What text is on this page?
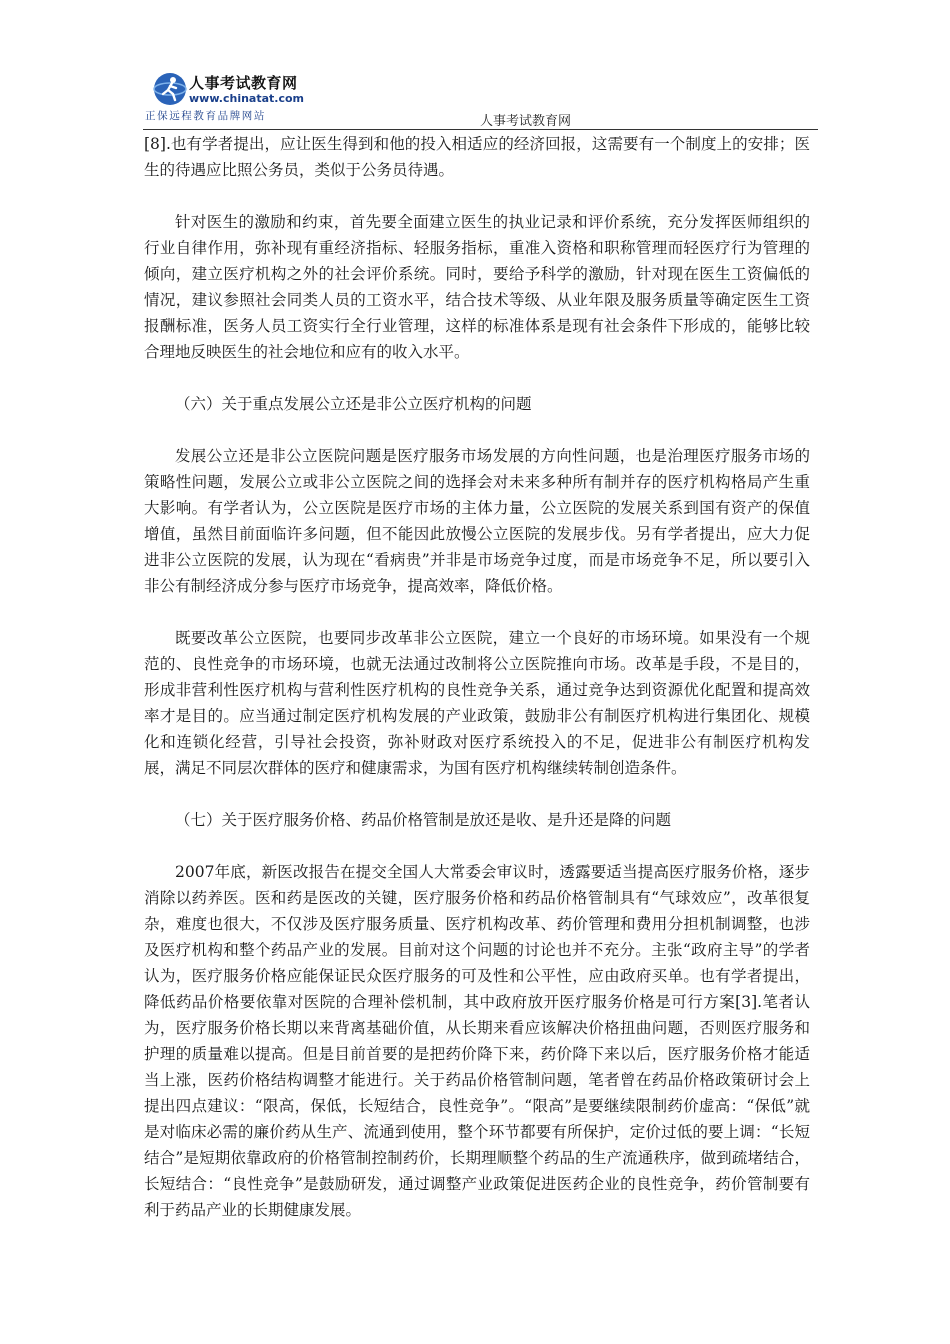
人事考试教育网
www.chinatat.com
正保远程教育品牌网站	人事考试教育网

[8].也有学者提出，应让医生得到和他的投入相适应的经济回报，这需要有一个制度上的安排；医生的待遇应比照公务员，类似于公务员待遇。

针对医生的激励和约束，首先要全面建立医生的执业记录和评价系统，充分发挥医师组织的行业自律作用，弥补现有重经济指标、轻服务指标，重准入资格和职称管理而轻医疗行为管理的倾向，建立医疗机构之外的社会评价系统。同时，要给予科学的激励，针对现在医生工资偏低的情况，建议参照社会同类人员的工资水平，结合技术等级、从业年限及服务质量等确定医生工资报酬标准，医务人员工资实行全行业管理，这样的标准体系是现有社会条件下形成的，能够比较合理地反映医生的社会地位和应有的收入水平。

（六）关于重点发展公立还是非公立医疗机构的问题

发展公立还是非公立医院问题是医疗服务市场发展的方向性问题，也是治理医疗服务市场的策略性问题，发展公立或非公立医院之间的选择会对未来多种所有制并存的医疗机构格局产生重大影响。有学者认为，公立医院是医疗市场的主体力量，公立医院的发展关系到国有资产的保值增值，虽然目前面临许多问题，但不能因此放慢公立医院的发展步伐。另有学者提出，应大力促进非公立医院的发展，认为现在“看病贵”并非是市场竞争过度，而是市场竞争不足，所以要引入非公有制经济成分参与医疗市场竞争，提高效率，降低价格。

既要改革公立医院，也要同步改革非公立医院，建立一个良好的市场环境。如果没有一个规范的、良性竞争的市场环境，也就无法通过改制将公立医院推向市场。改革是手段，不是目的，形成非营利性医疗机构与营利性医疗机构的良性竞争关系，通过竞争达到资源优化配置和提高效率才是目的。应当通过制定医疗机构发展的产业政策，鼓励非公有制医疗机构进行集团化、规模化和连锁化经营，引导社会投资，弥补财政对医疗系统投入的不足，促进非公有制医疗机构发展，满足不同层次群体的医疗和健康需求，为国有医疗机构继续转制创造条件。

（七）关于医疗服务价格、药品价格管制是放还是收、是升还是降的问题

2007年底，新医改报告在提交全国人大常委会审议时，透露要适当提高医疗服务价格，逐步消除以药养医。医和药是医改的关键，医疗服务价格和药品价格管制具有“气球效应”，改革很复杂，难度也很大，不仅涉及医疗服务质量、医疗机构改革、药价管理和费用分担机制调整，也涉及医疗机构和整个药品产业的发展。目前对这个问题的讨论也并不充分。主张“政府主导”的学者认为，医疗服务价格应能保证民众医疗服务的可及性和公平性，应由政府买单。也有学者提出，降低药品价格要依靠对医院的合理补偿机制，其中政府放开医疗服务价格是可行方案[3].笔者认为，医疗服务价格长期以来背离基础价值，从长期来看应该解决价格扭曲问题，否则医疗服务和护理的质量难以提高。但是目前首要的是把药价降下来，药价降下来以后，医疗服务价格才能适当上涨，医药价格结构调整才能进行。关于药品价格管制问题，笔者曾在药品价格政策研讨会上提出四点建议：“限高，保低，长短结合，良性竞争”。“限高”是要继续限制药价虚高：“保低”就是对临床必需的廉价药从生产、流通到使用，整个环节都要有所保护，定价过低的要上调：“长短结合”是短期依靠政府的价格管制控制药价，长期理顺整个药品的生产流通秩序，做到疏堵结合，长短结合：“良性竞争”是鼓励研发，通过调整产业政策促进医药企业的良性竞争，药价管制要有利于药品产业的长期健康发展。
